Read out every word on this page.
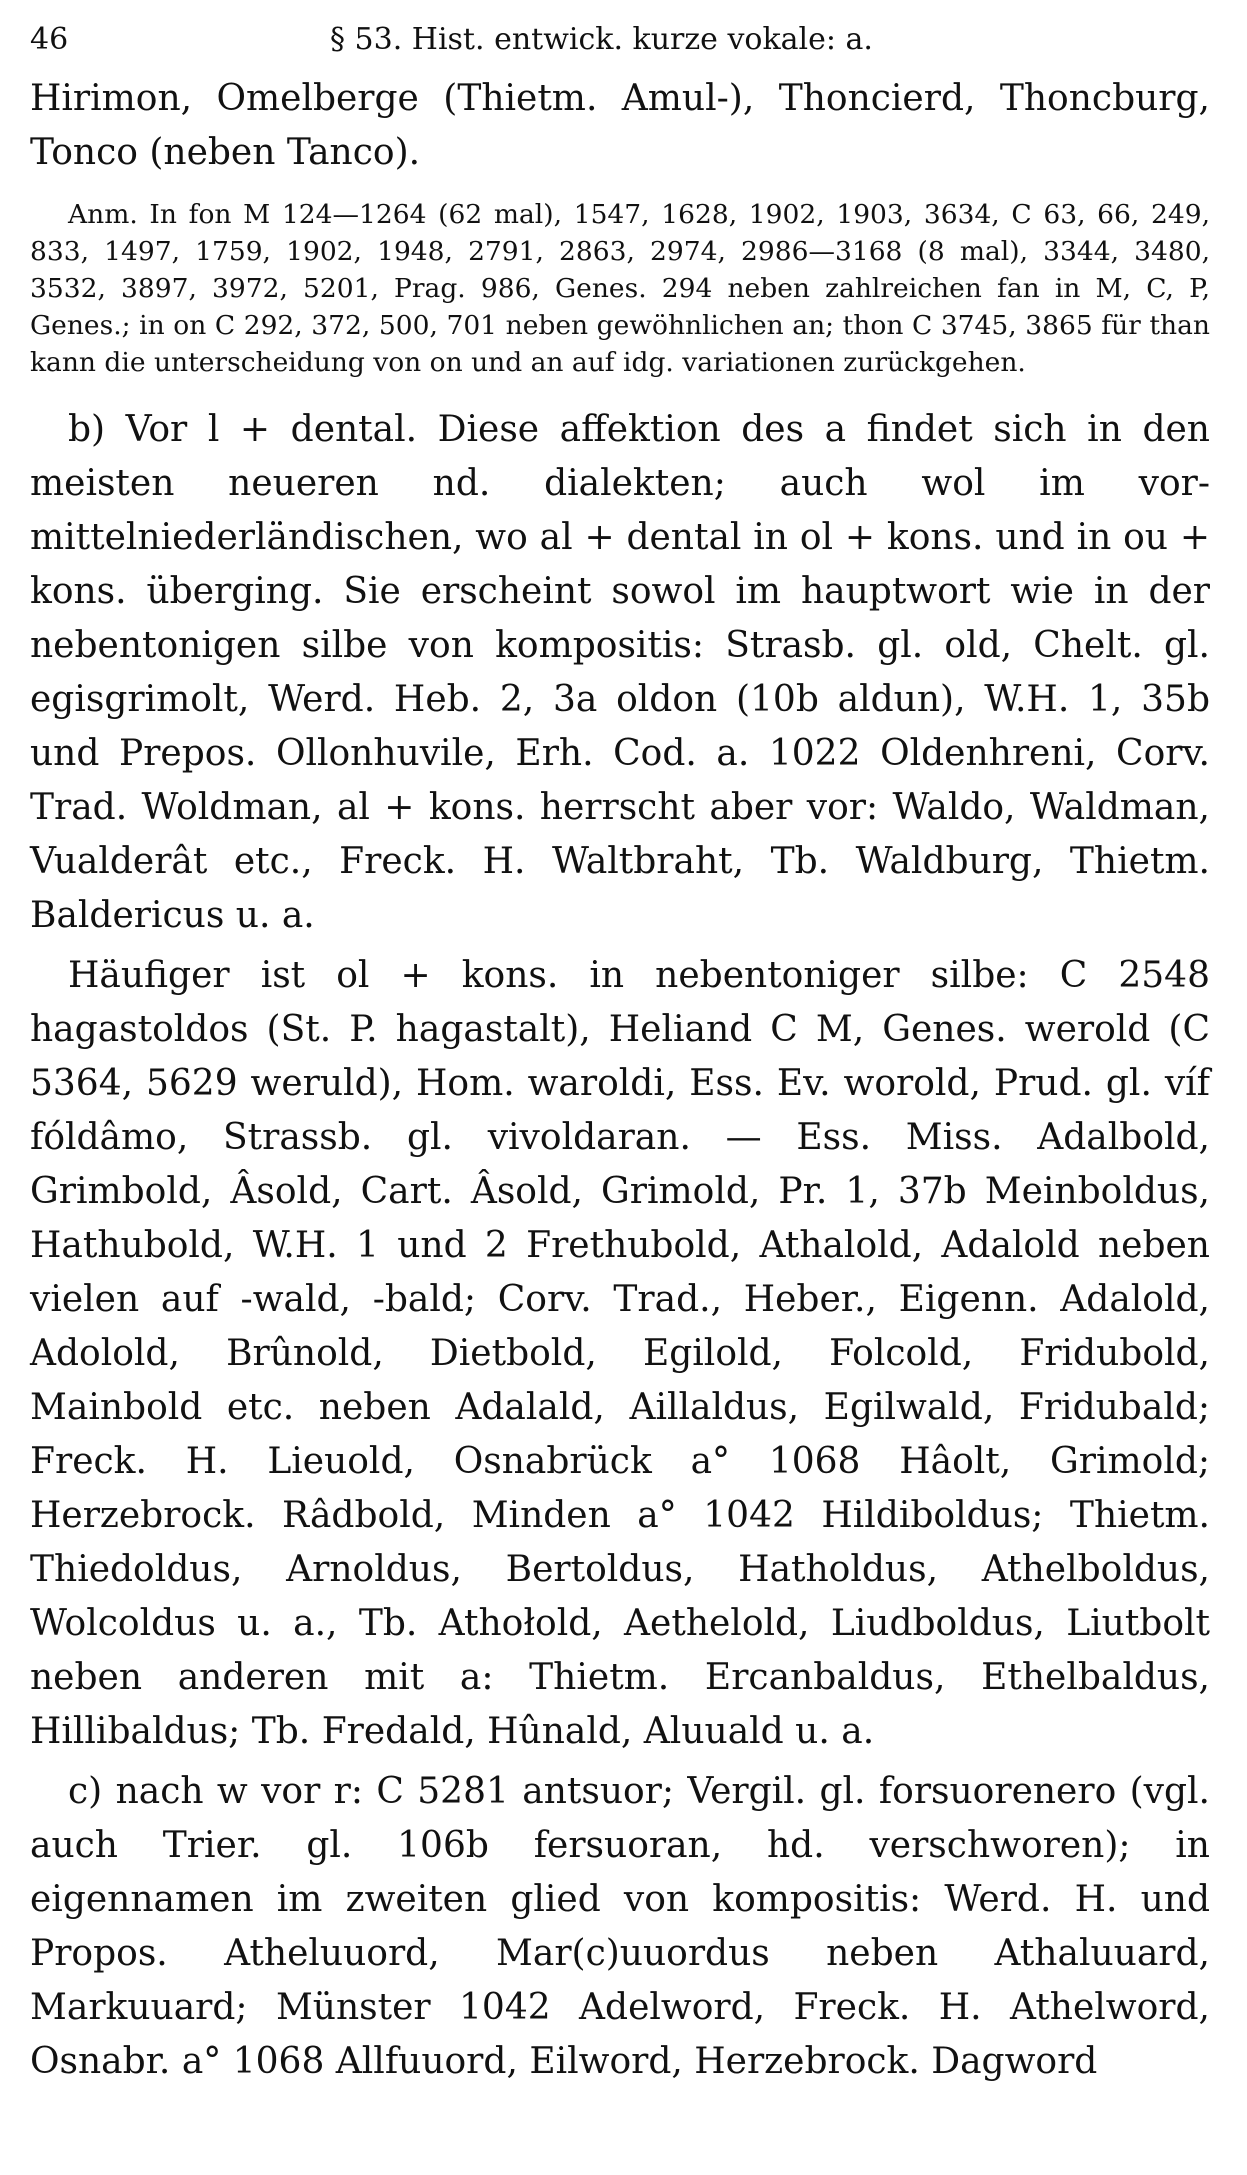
46	§ 53. Hist. entwick. kurze vokale: a.

Hirimon, Omelberge (Thietm. Amul-), Thoncierd, Thoncburg, Tonco (neben Tanco).

Anm. In fon M 124—1264 (62 mal), 1547, 1628, 1902, 1903, 3634, C 63, 66, 249, 833, 1497, 1759, 1902, 1948, 2791, 2863, 2974, 2986—3168 (8 mal), 3344, 3480, 3532, 3897, 3972, 5201, Prag. 986, Genes. 294 neben zahlreichen fan in M, C, P, Genes.; in on C 292, 372, 500, 701 neben gewöhnlichen an; thon C 3745, 3865 für than kann die unterscheidung von on und an auf idg. variationen zurückgehen.

b) Vor l + dental. Diese affektion des a findet sich in den meisten neueren nd. dialekten; auch wol im vor-mittelniederländischen, wo al + dental in ol + kons. und in ou + kons. überging. Sie erscheint sowol im hauptwort wie in der nebentonigen silbe von kompositis: Strasb. gl. old, Chelt. gl. egisgrimolt, Werd. Heb. 2, 3a oldon (10b aldun), W.H. 1, 35b und Prepos. Ollonhuvile, Erh. Cod. a. 1022 Oldenhreni, Corv. Trad. Woldman, al + kons. herrscht aber vor: Waldo, Waldman, Vualderât etc., Freck. H. Waltbraht, Tb. Waldburg, Thietm. Baldericus u. a.

Häufiger ist ol + kons. in nebentoniger silbe: C 2548 hagastoldos (St. P. hagastalt), Heliand C M, Genes. werold (C 5364, 5629 weruld), Hom. waroldi, Ess. Ev. worold, Prud. gl. víf fóldâmo, Strassb. gl. vivoldaran. — Ess. Miss. Adalbold, Grimbold, Âsold, Cart. Âsold, Grimold, Pr. 1, 37b Meinboldus, Hathubold, W.H. 1 und 2 Frethubold, Athalold, Adalold neben vielen auf -wald, -bald; Corv. Trad., Heber., Eigenn. Adalold, Adolold, Brûnold, Dietbold, Egilold, Folcold, Fridubold, Mainbold etc. neben Adalald, Aillaldus, Egilwald, Fridubald; Freck. H. Lieuold, Osnabrück a° 1068 Hâolt, Grimold; Herzebrock. Râdbold, Minden a° 1042 Hildiboldus; Thietm. Thiedoldus, Arnoldus, Bertoldus, Hatholdus, Athelboldus, Wolcoldus u. a., Tb. Athołold, Aethelold, Liudboldus, Liutbolt neben anderen mit a: Thietm. Ercanbaldus, Ethelbaldus, Hillibaldus; Tb. Fredald, Hûnald, Aluuald u. a.

c) nach w vor r: C 5281 antsuor; Vergil. gl. forsuorenero (vgl. auch Trier. gl. 106b fersuoran, hd. verschworen); in eigennamen im zweiten glied von kompositis: Werd. H. und Propos. Atheluuord, Mar(c)uuordus neben Athaluuard, Markuuard; Münster 1042 Adelword, Freck. H. Athelword, Osnabr. a° 1068 Allfuuord, Eilword, Herzebrock. Dagword
